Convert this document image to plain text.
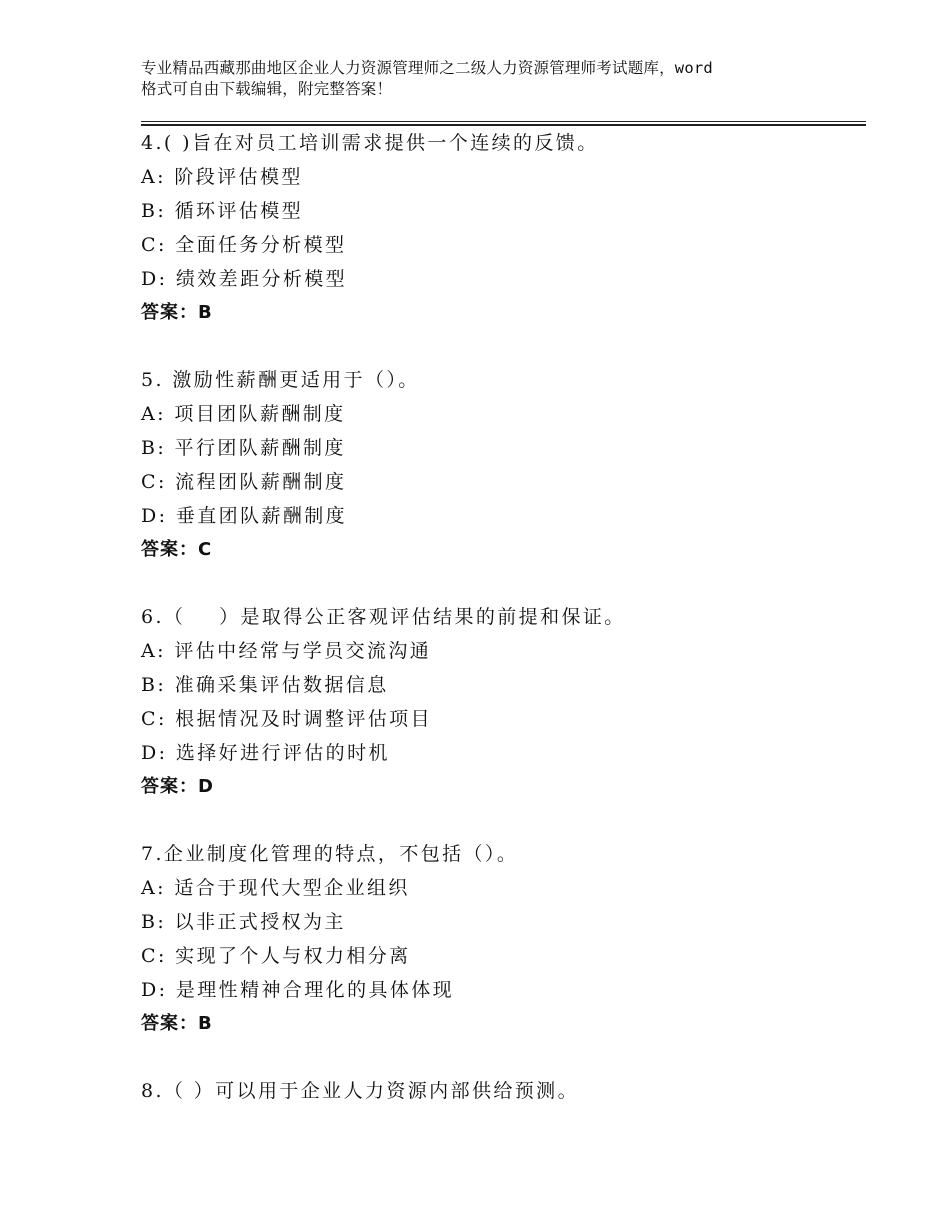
专业精品西藏那曲地区企业人力资源管理师之二级人力资源管理师考试题库，word
格式可自由下载编辑，附完整答案！
4.( )旨在对员工培训需求提供一个连续的反馈。
A: 阶段评估模型
B: 循环评估模型
C: 全面任务分析模型
D: 绩效差距分析模型
答案：B
5. 激励性薪酬更适用于（）。
A: 项目团队薪酬制度
B: 平行团队薪酬制度
C: 流程团队薪酬制度
D: 垂直团队薪酬制度
答案：C
6.（    ）是取得公正客观评估结果的前提和保证。
A: 评估中经常与学员交流沟通
B: 准确采集评估数据信息
C: 根据情况及时调整评估项目
D: 选择好进行评估的时机
答案：D
7.企业制度化管理的特点，不包括（）。
A: 适合于现代大型企业组织
B: 以非正式授权为主
C: 实现了个人与权力相分离
D: 是理性精神合理化的具体体现
答案：B
8.（ ）可以用于企业人力资源内部供给预测。
